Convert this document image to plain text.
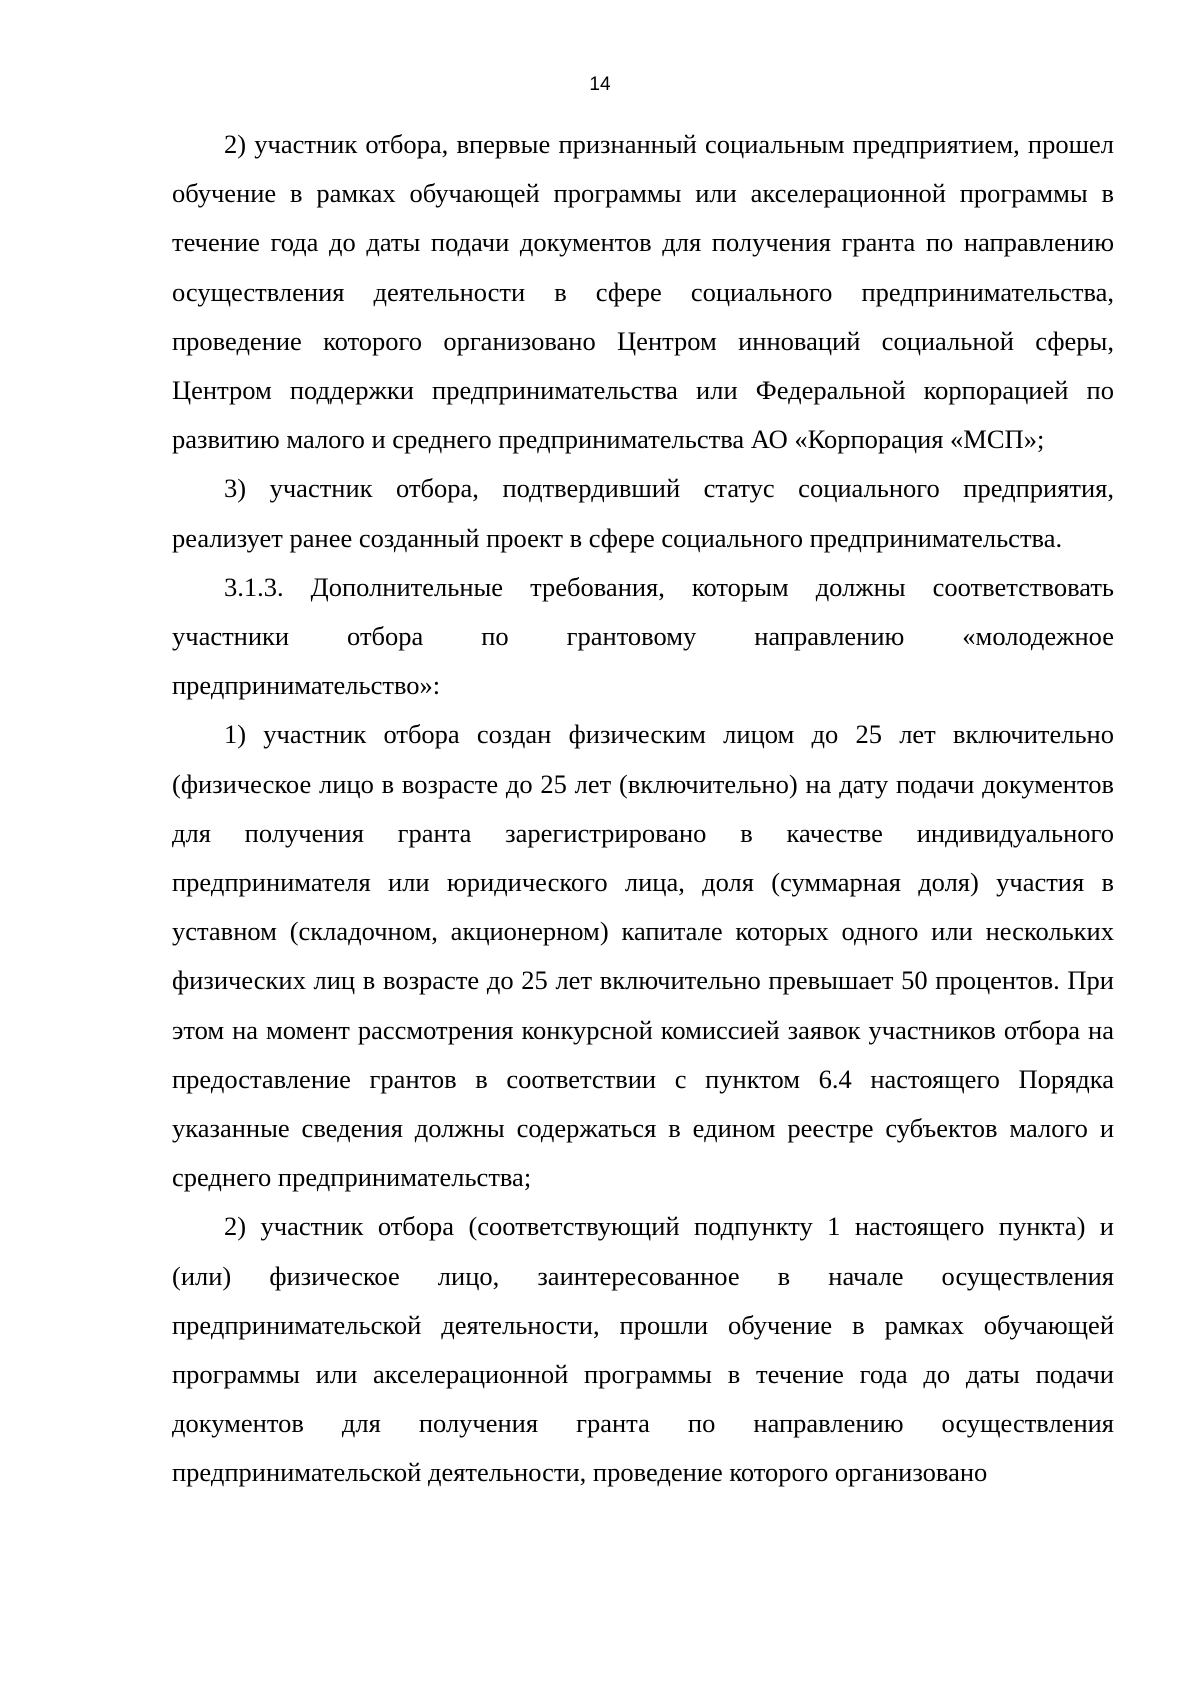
14

2) участник отбора, впервые признанный социальным предприятием, прошел обучение в рамках обучающей программы или акселерационной программы в течение года до даты подачи документов для получения гранта по направлению осуществления деятельности в сфере социального предпринимательства, проведение которого организовано Центром инноваций социальной сферы, Центром поддержки предпринимательства или Федеральной корпорацией по развитию малого и среднего предпринимательства АО «Корпорация «МСП»;

3) участник отбора, подтвердивший статус социального предприятия, реализует ранее созданный проект в сфере социального предпринимательства.

3.1.3. Дополнительные требования, которым должны соответствовать участники отбора по грантовому направлению «молодежное предпринимательство»:

1) участник отбора создан физическим лицом до 25 лет включительно (физическое лицо в возрасте до 25 лет (включительно) на дату подачи документов для получения гранта зарегистрировано в качестве индивидуального предпринимателя или юридического лица, доля (суммарная доля) участия в уставном (складочном, акционерном) капитале которых одного или нескольких физических лиц в возрасте до 25 лет включительно превышает 50 процентов. При этом на момент рассмотрения конкурсной комиссией заявок участников отбора на предоставление грантов в соответствии с пунктом 6.4 настоящего Порядка указанные сведения должны содержаться в едином реестре субъектов малого и среднего предпринимательства;

2) участник отбора (соответствующий подпункту 1 настоящего пункта) и (или) физическое лицо, заинтересованное в начале осуществления предпринимательской деятельности, прошли обучение в рамках обучающей программы или акселерационной программы в течение года до даты подачи документов для получения гранта по направлению осуществления предпринимательской деятельности, проведение которого организовано
